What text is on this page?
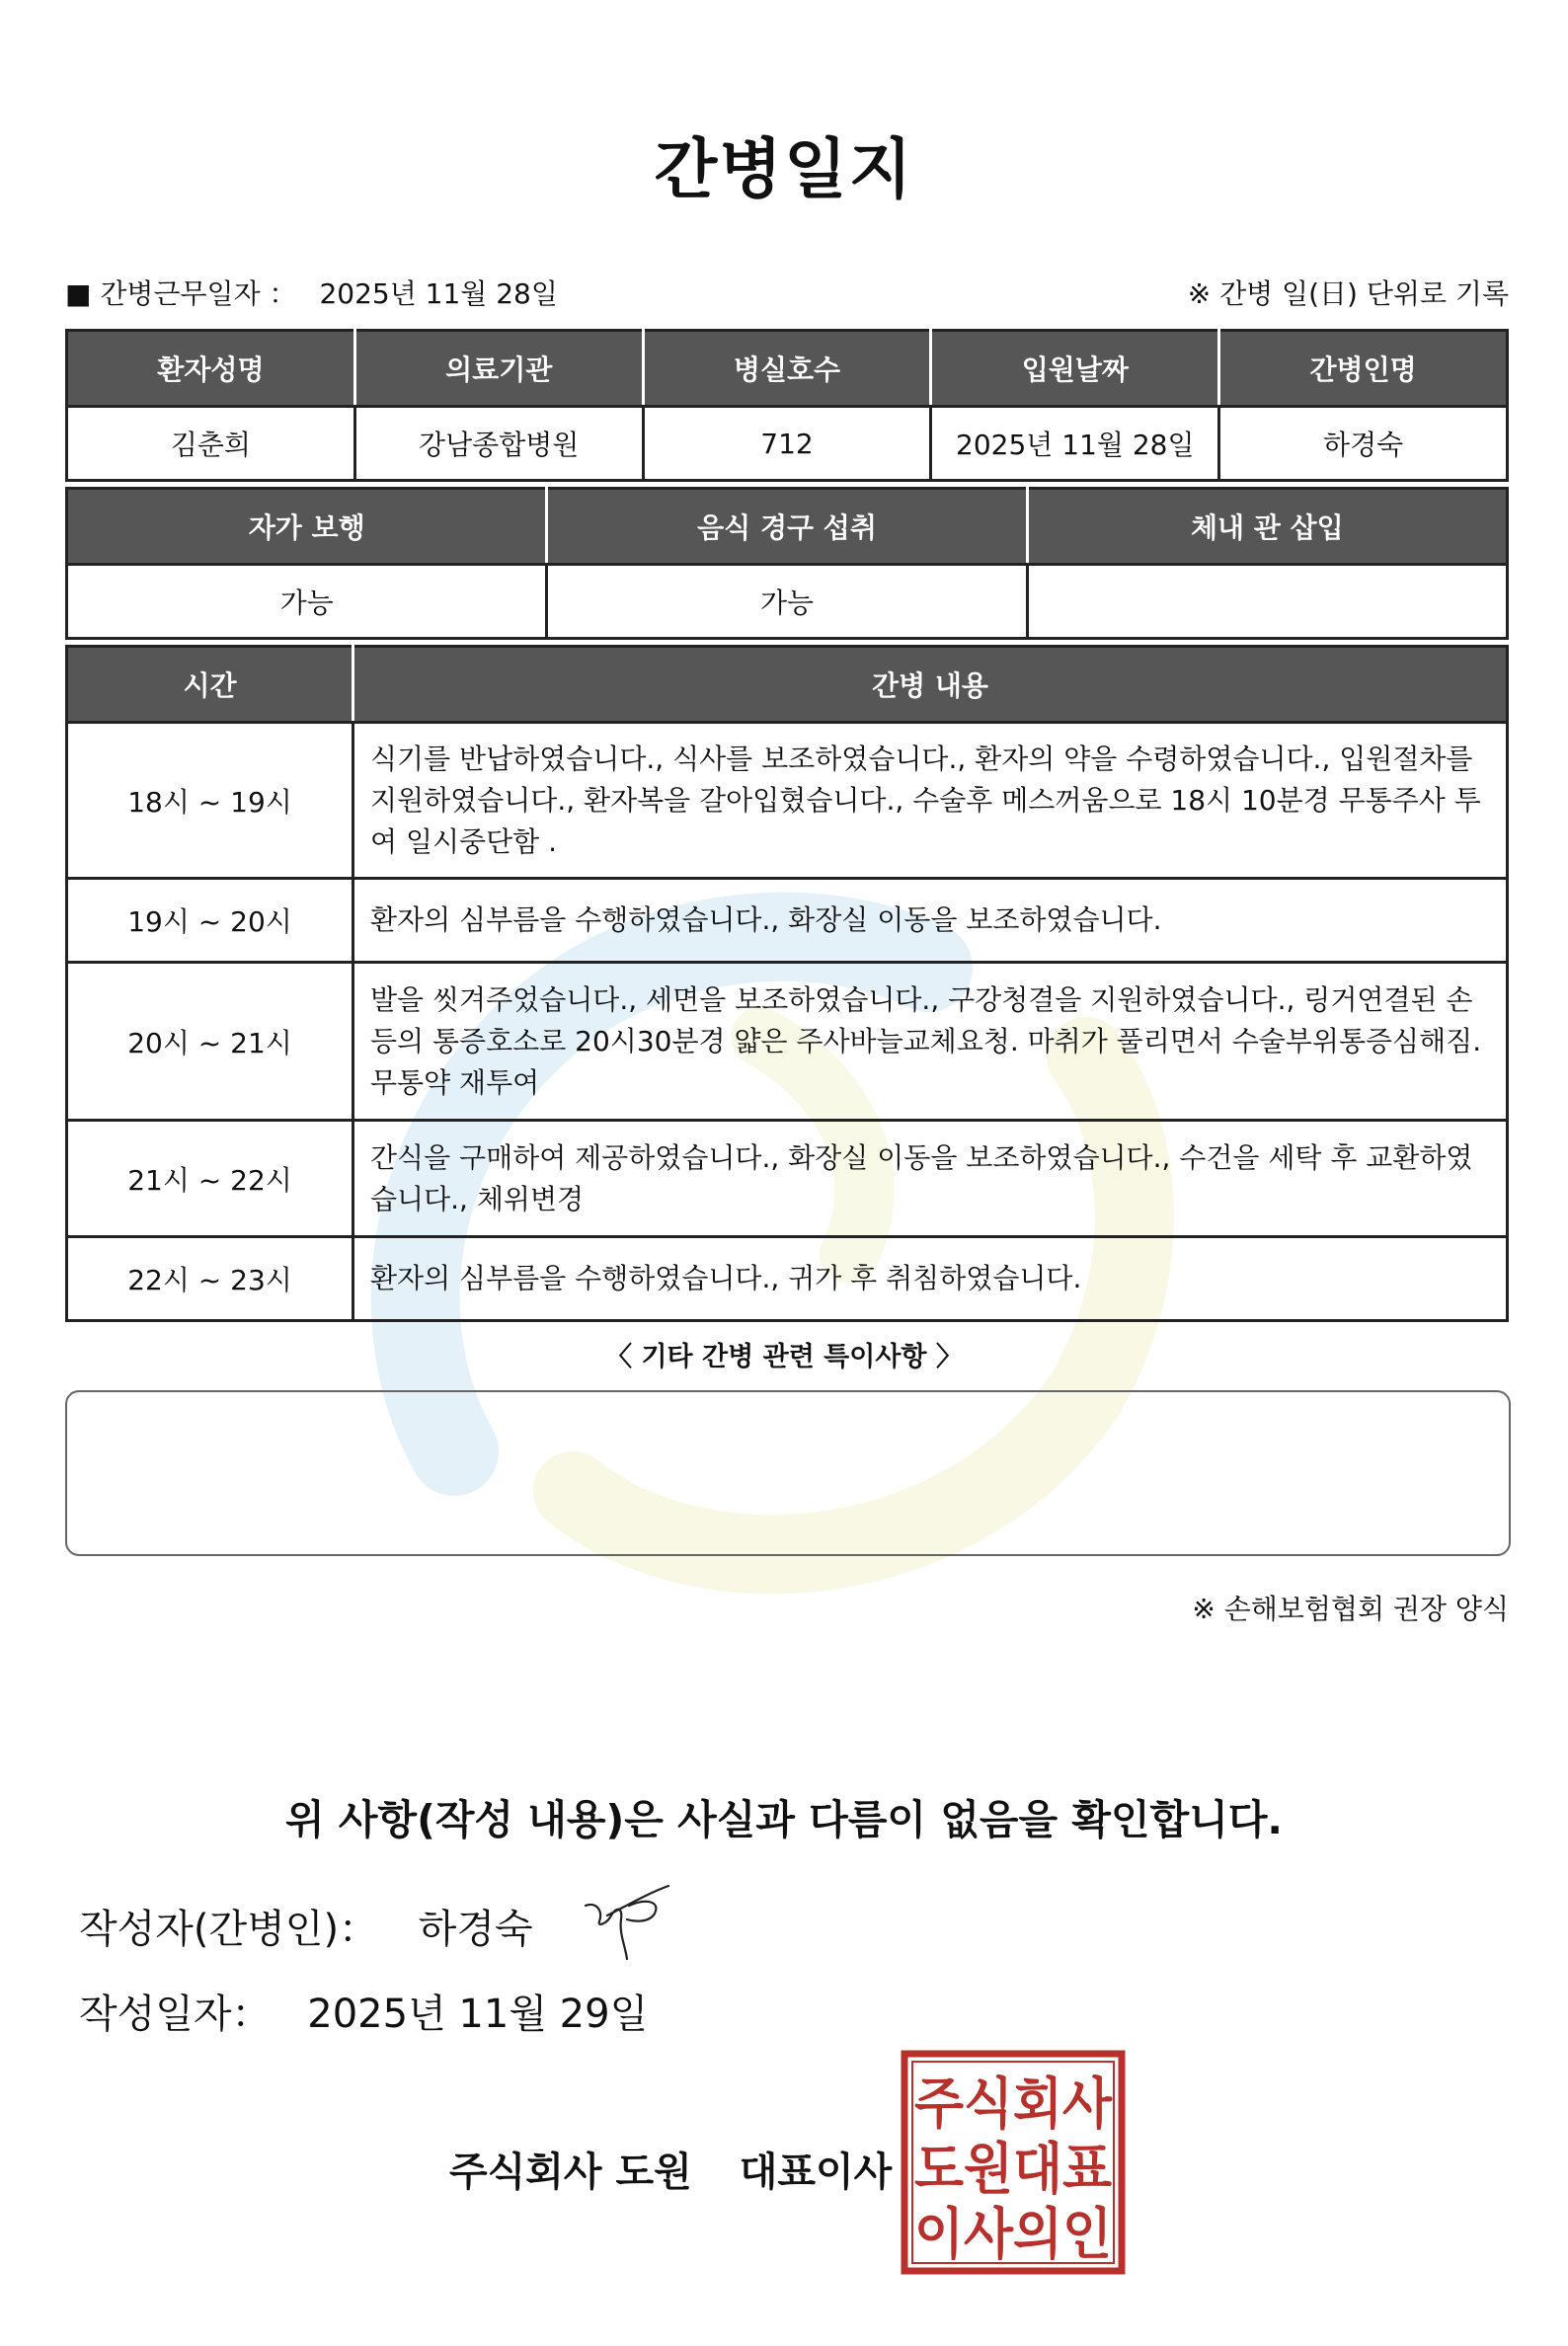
간병일지
■ 간병근무일자 ： 2025년 11월 28일	※ 간병 일(日) 단위로 기록
환자성명	의료기관	병실호수	입원날짜	간병인명
김춘희	강남종합병원	712	2025년 11월 28일	하경숙
자가 보행	음식 경구 섭취	체내 관 삽입
가능	가능	
시간	간병 내용
18시 ~ 19시	식기를 반납하였습니다., 식사를 보조하였습니다., 환자의 약을 수령하였습니다., 입원절차를 지원하였습니다., 환자복을 갈아입혔습니다., 수술후 메스꺼움으로 18시 10분경 무통주사 투여 일시중단함 .
19시 ~ 20시	환자의 심부름을 수행하였습니다., 화장실 이동을 보조하였습니다.
20시 ~ 21시	발을 씻겨주었습니다., 세면을 보조하였습니다., 구강청결을 지원하였습니다., 링거연결된 손등의 통증호소로 20시30분경 얇은 주사바늘교체요청. 마취가 풀리면서 수술부위통증심해짐. 무통약 재투여
21시 ~ 22시	간식을 구매하여 제공하였습니다., 화장실 이동을 보조하였습니다., 수건을 세탁 후 교환하였습니다., 체위변경
22시 ~ 23시	환자의 심부름을 수행하였습니다., 귀가 후 취침하였습니다.
〈 기타 간병 관련 특이사항 〉
※ 손해보험협회 권장 양식
위 사항(작성 내용)은 사실과 다름이 없음을 확인합니다.
작성자(간병인)： 하경숙
작성일자： 2025년 11월 29일
주식회사 도원 대표이사
주식회사
도원대표
이사의인
